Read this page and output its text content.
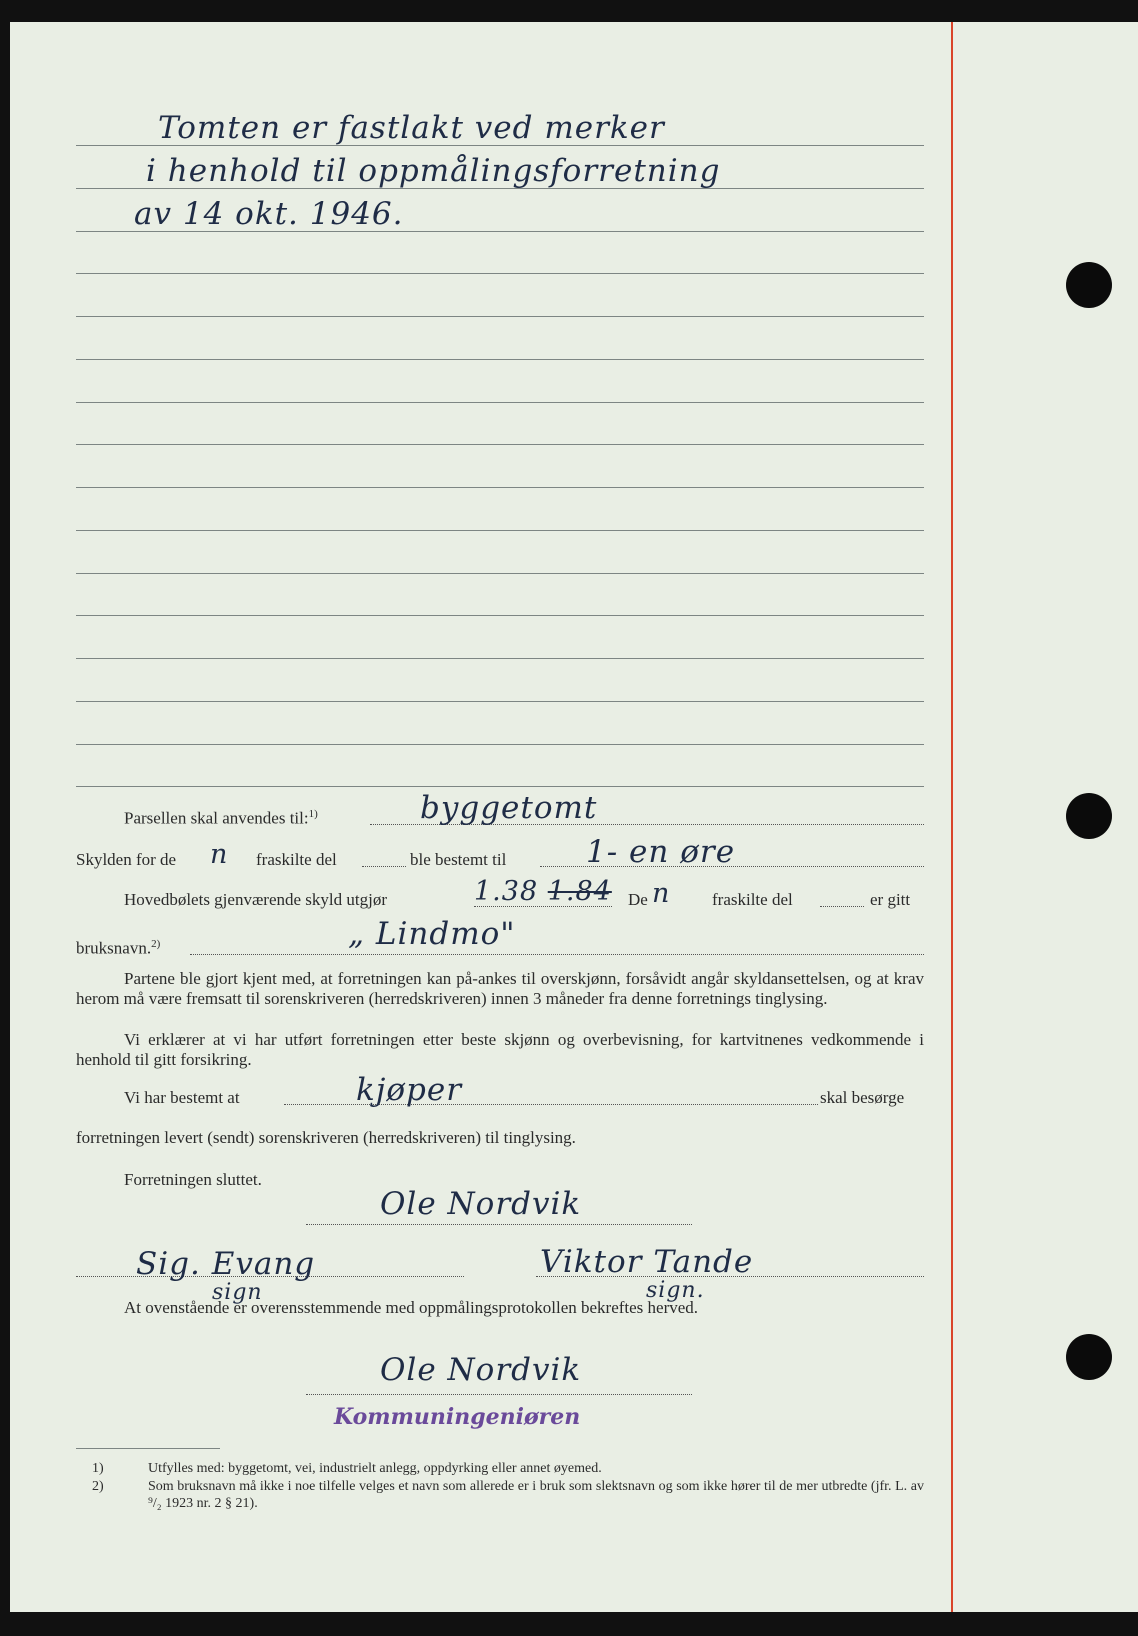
Tomten er fastlakt ved merker
i henhold til oppmålingsforretning
av 14 okt. 1946.
Parsellen skal anvendes til:$^{1)}$	byggetomt
Skylden for de n fraskilte del	ble bestemt til	1- en øre
Hovedbølets gjenværende skyld utgjør	1.38 1.84 De n fraskilte del	er gitt
bruksnavn.$^{2)}$	„ Lindmo"
Partene ble gjort kjent med, at forretningen kan på-ankes til overskjønn, forsåvidt angår skyldansettelsen, og at krav herom må være fremsatt til sorenskriveren (herredskriveren) innen 3 måneder fra denne forretnings tinglysing.
Vi erklærer at vi har utført forretningen etter beste skjønn og overbevisning, for kartvitnenes vedkommende i henhold til gitt forsikring.
Vi har bestemt at	kjøper	skal besørge
forretningen levert (sendt) sorenskriveren (herredskriveren) til tinglysing.
Forretningen sluttet.
Ole Nordvik
Sig. Evang
sign
Viktor Tande
sign.
At ovenstående er overensstemmende med oppmålingsprotokollen bekreftes herved.
Ole Nordvik
Kommuningeniøren
1)	Utfylles med: byggetomt, vei, industrielt anlegg, oppdyrking eller annet øyemed.
2)	Som bruksnavn må ikke i noe tilfelle velges et navn som allerede er i bruk som slektsnavn og som ikke hører til de mer utbredte (jfr. L. av ⁹/₂ 1923 nr. 2 § 21).
